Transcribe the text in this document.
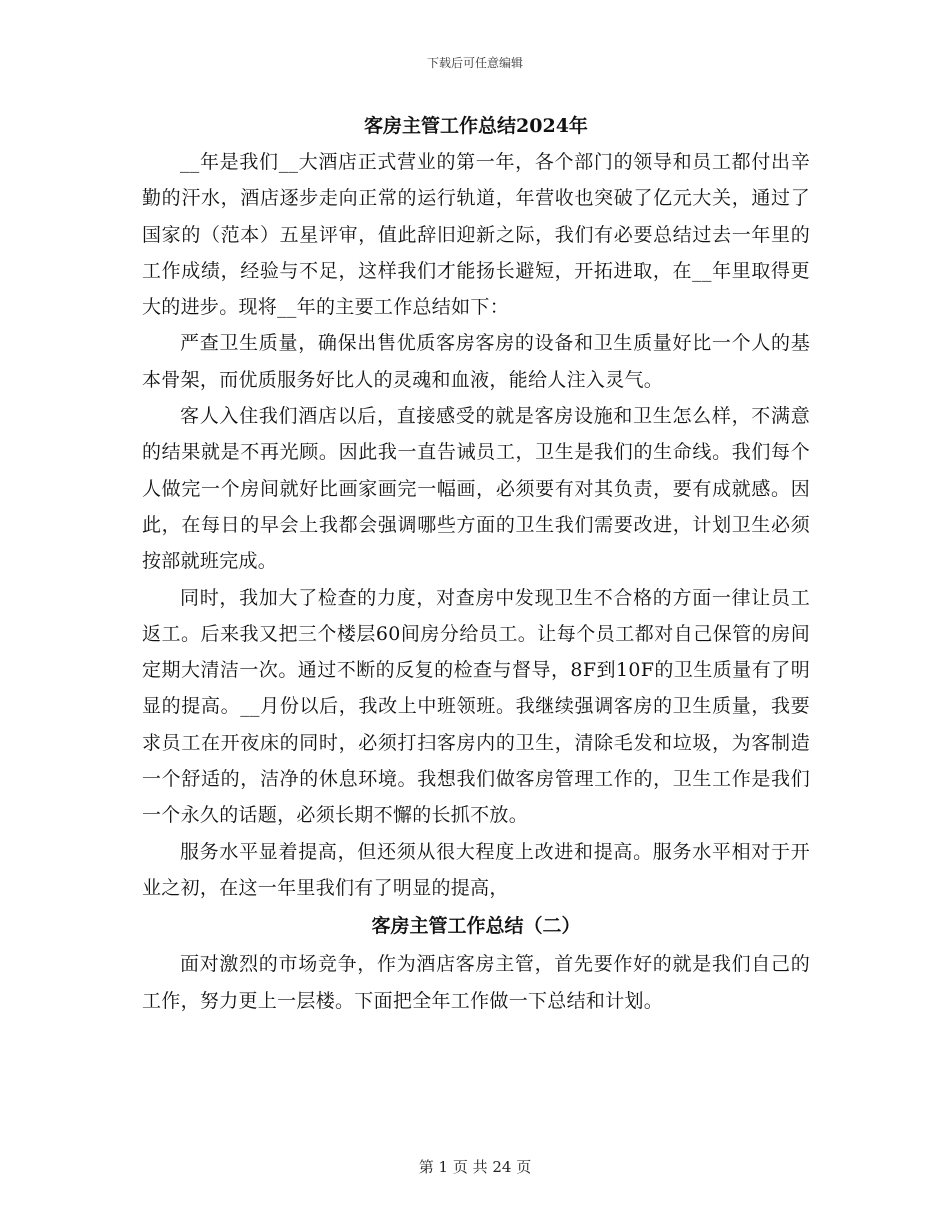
下载后可任意编辑
客房主管工作总结2024年

__年是我们__大酒店正式营业的第一年，各个部门的领导和员工都付出辛勤的汗水，酒店逐步走向正常的运行轨道，年营收也突破了亿元大关，通过了国家的（范本）五星评审，值此辞旧迎新之际，我们有必要总结过去一年里的工作成绩，经验与不足，这样我们才能扬长避短，开拓进取，在__年里取得更大的进步。现将__年的主要工作总结如下：

严查卫生质量，确保出售优质客房客房的设备和卫生质量好比一个人的基本骨架，而优质服务好比人的灵魂和血液，能给人注入灵气。

客人入住我们酒店以后，直接感受的就是客房设施和卫生怎么样，不满意的结果就是不再光顾。因此我一直告诫员工，卫生是我们的生命线。我们每个人做完一个房间就好比画家画完一幅画，必须要有对其负责，要有成就感。因此，在每日的早会上我都会强调哪些方面的卫生我们需要改进，计划卫生必须按部就班完成。

同时，我加大了检查的力度，对查房中发现卫生不合格的方面一律让员工返工。后来我又把三个楼层60间房分给员工。让每个员工都对自己保管的房间定期大清洁一次。通过不断的反复的检查与督导，8F到10F的卫生质量有了明显的提高。__月份以后，我改上中班领班。我继续强调客房的卫生质量，我要求员工在开夜床的同时，必须打扫客房内的卫生，清除毛发和垃圾，为客制造一个舒适的，洁净的休息环境。我想我们做客房管理工作的，卫生工作是我们一个永久的话题，必须长期不懈的长抓不放。

服务水平显着提高，但还须从很大程度上改进和提高。服务水平相对于开业之初，在这一年里我们有了明显的提高，

客房主管工作总结（二）

面对激烈的市场竞争，作为酒店客房主管，首先要作好的就是我们自己的工作，努力更上一层楼。下面把全年工作做一下总结和计划。

第 1 页 共 24 页
